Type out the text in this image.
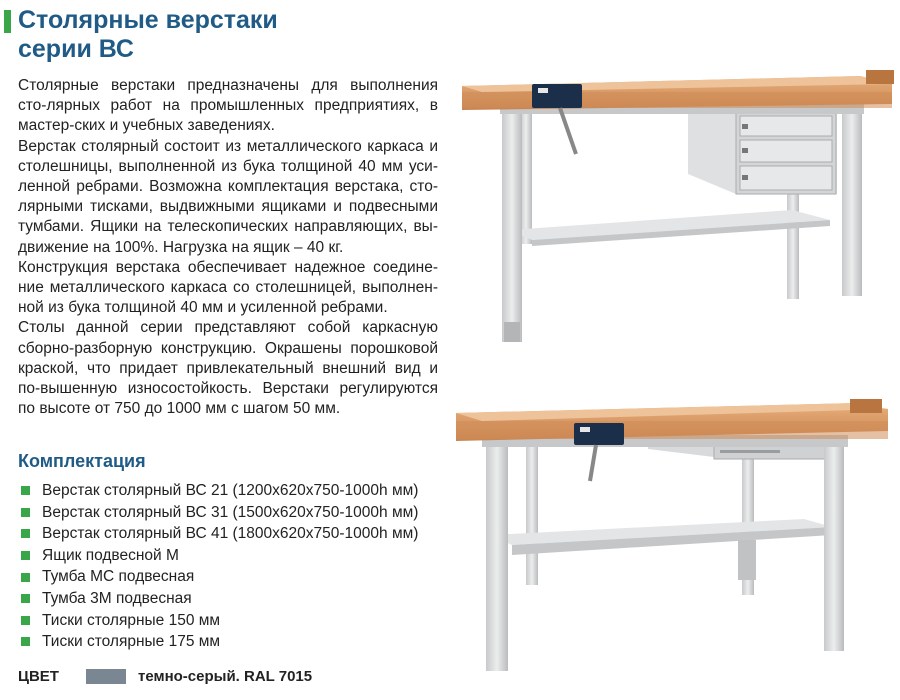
Столярные верстаки
серии ВС

Столярные верстаки предназначены для выполнения сто-лярных работ на промышленных предприятиях, в мастер-ских и учебных заведениях.

Верстак столярный состоит из металлического каркаса и столешницы, выполненной из бука толщиной 40 мм уси-ленной ребрами. Возможна комплектация верстака, сто-лярными тисками, выдвижными ящиками и подвесными тумбами. Ящики на телескопических направляющих, вы-движение на 100%. Нагрузка на ящик – 40 кг.

Конструкция верстака обеспечивает надежное соедине-ние металлического каркаса со столешницей, выполнен-ной из бука толщиной 40 мм и усиленной ребрами.

Столы данной серии представляют собой каркасную сборно-разборную конструкцию. Окрашены порошковой краской, что придает привлекательный внешний вид и по-вышенную износостойкость. Верстаки регулируются по высоте от 750 до 1000 мм с шагом 50 мм.

Комплектация
Верстак столярный ВС 21 (1200х620х750-1000h мм)
Верстак столярный ВС 31 (1500х620х750-1000h мм)
Верстак столярный ВС 41 (1800х620х750-1000h мм)
Ящик подвесной М
Тумба МС подвесная
Тумба 3М подвесная
Тиски столярные 150 мм
Тиски столярные 175 мм
ЦВЕТ	темно-серый. RAL 7015
